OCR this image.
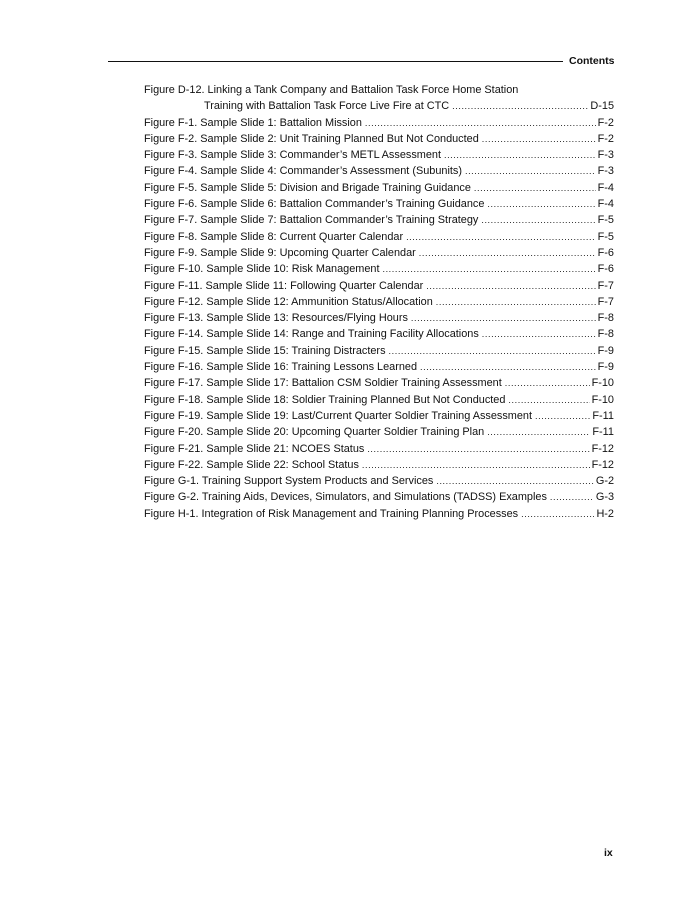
Contents
Figure D-12. Linking a Tank Company and Battalion Task Force Home Station
Training with Battalion Task Force Live Fire at CTC .....	D-15
Figure F-1. Sample Slide 1: Battalion Mission .....	F-2
Figure F-2. Sample Slide 2: Unit Training Planned But Not Conducted .....	F-2
Figure F-3. Sample Slide 3: Commander’s METL Assessment .....	F-3
Figure F-4. Sample Slide 4: Commander’s Assessment (Subunits) .....	F-3
Figure F-5. Sample Slide 5: Division and Brigade Training Guidance .....	F-4
Figure F-6. Sample Slide 6: Battalion Commander’s Training Guidance .....	F-4
Figure F-7. Sample Slide 7: Battalion Commander’s Training Strategy .....	F-5
Figure F-8. Sample Slide 8: Current Quarter Calendar .....	F-5
Figure F-9. Sample Slide 9: Upcoming Quarter Calendar .....	F-6
Figure F-10. Sample Slide 10: Risk Management .....	F-6
Figure F-11. Sample Slide 11: Following Quarter Calendar .....	F-7
Figure F-12. Sample Slide 12: Ammunition Status/Allocation .....	F-7
Figure F-13. Sample Slide 13: Resources/Flying Hours .....	F-8
Figure F-14. Sample Slide 14: Range and Training Facility Allocations .....	F-8
Figure F-15. Sample Slide 15: Training Distracters .....	F-9
Figure F-16. Sample Slide 16: Training Lessons Learned .....	F-9
Figure F-17. Sample Slide 17: Battalion CSM Soldier Training Assessment .....	F-10
Figure F-18. Sample Slide 18: Soldier Training Planned But Not Conducted .....	F-10
Figure F-19. Sample Slide 19: Last/Current Quarter Soldier Training Assessment .....	F-11
Figure F-20. Sample Slide 20: Upcoming Quarter Soldier Training Plan .....	F-11
Figure F-21. Sample Slide 21: NCOES Status .....	F-12
Figure F-22. Sample Slide 22: School Status .....	F-12
Figure G-1. Training Support System Products and Services .....	G-2
Figure G-2. Training Aids, Devices, Simulators, and Simulations (TADSS) Examples .....	G-3
Figure H-1. Integration of Risk Management and Training Planning Processes .....	H-2
ix
